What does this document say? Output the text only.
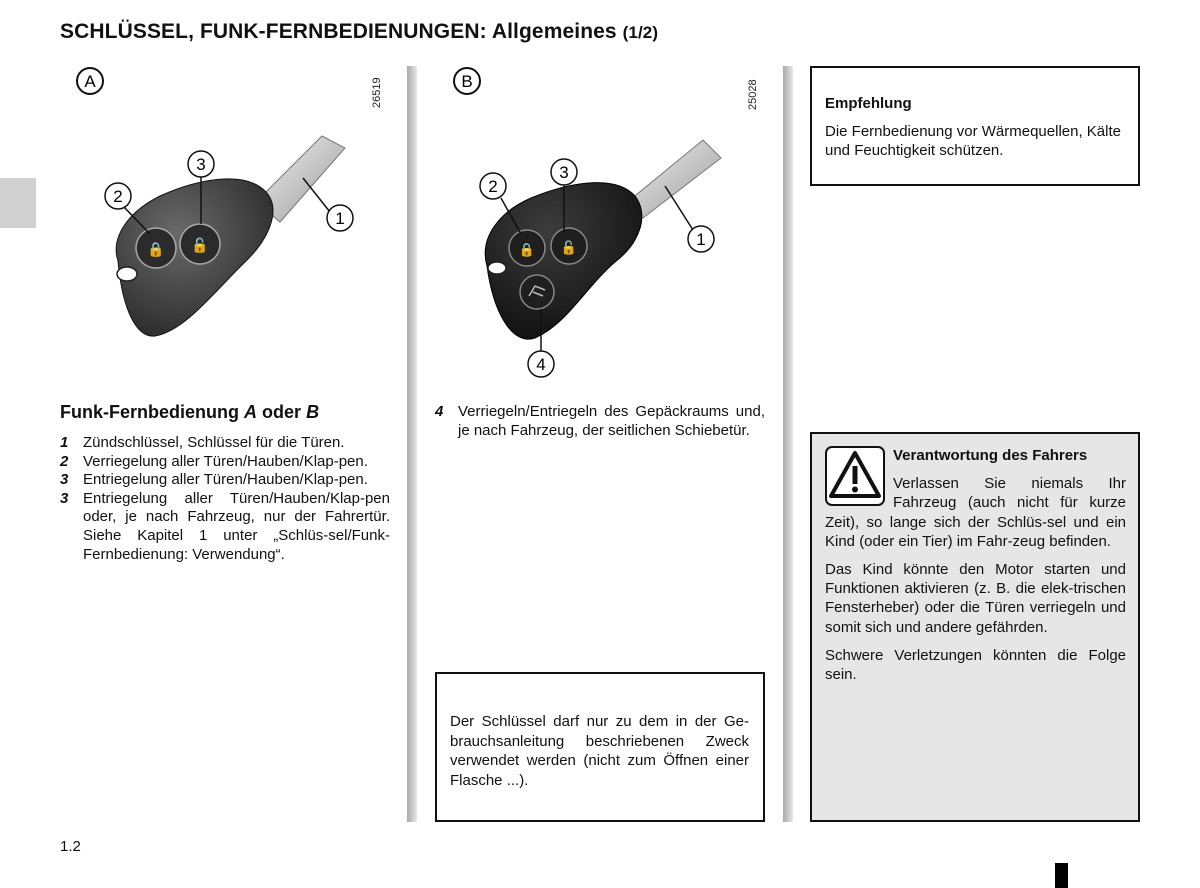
SCHLÜSSEL, FUNK-FERNBEDIENUNGEN: Allgemeines (1/2)
A
🔒 🔓
1
2
3
26519	B
🔒 🔓	1
2
3
4
25028
Funk-Fernbedienung A oder B
1 Zündschlüssel, Schlüssel für die Türen.
2 Verriegelung aller Türen/Hauben/Klap-pen.
3 Entriegelung aller Türen/Hauben/Klap-pen.
3 Entriegelung aller Türen/Hauben/Klap-pen oder, je nach Fahrzeug, nur der Fahrertür. Siehe Kapitel 1 unter „Schlüs-sel/Funk-Fernbedienung: Verwendung“.
4 Verriegeln/Entriegeln des Gepäckraums und, je nach Fahrzeug, der seitlichen Schiebetür.
Der Schlüssel darf nur zu dem in der Ge-brauchsanleitung beschriebenen Zweck verwendet werden (nicht zum Öffnen einer Flasche ...).
Empfehlung
Die Fernbedienung vor Wärmequellen, Kälte und Feuchtigkeit schützen.
Verantwortung des Fahrers

Verlassen Sie niemals Ihr Fahrzeug (auch nicht für kurze Zeit), so lange sich der Schlüs-sel und ein Kind (oder ein Tier) im Fahr-zeug befinden.

Das Kind könnte den Motor starten und Funktionen aktivieren (z. B. die elek-trischen Fensterheber) oder die Türen verriegeln und somit sich und andere gefährden.

Schwere Verletzungen könnten die Folge sein.

1.2
